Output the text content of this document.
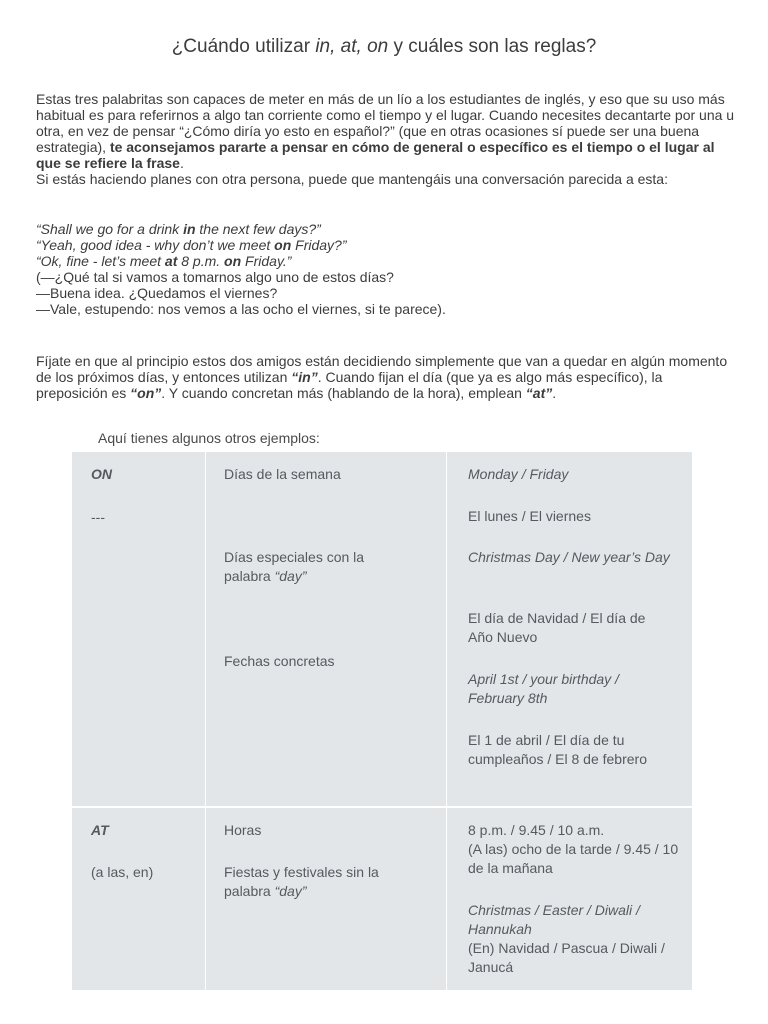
¿Cuándo utilizar in, at, on y cuáles son las reglas?

Estas tres palabritas son capaces de meter en más de un lío a los estudiantes de inglés, y eso que su uso más habitual es para referirnos a algo tan corriente como el tiempo y el lugar. Cuando necesites decantarte por una u otra, en vez de pensar “¿Cómo diría yo esto en español?” (que en otras ocasiones sí puede ser una buena estrategia), te aconsejamos pararte a pensar en cómo de general o específico es el tiempo o el lugar al que se refiere la frase.

Si estás haciendo planes con otra persona, puede que mantengáis una conversación parecida a esta:

“Shall we go for a drink in the next few days?”

“Yeah, good idea - why don’t we meet on Friday?”

“Ok, fine - let’s meet at 8 p.m. on Friday.”

(—¿Qué tal si vamos a tomarnos algo uno de estos días?

—Buena idea. ¿Quedamos el viernes?

—Vale, estupendo: nos vemos a las ocho el viernes, si te parece).

Fíjate en que al principio estos dos amigos están decidiendo simplemente que van a quedar en algún momento de los próximos días, y entonces utilizan “in”. Cuando fijan el día (que ya es algo más específico), la preposición es “on”. Y cuando concretan más (hablando de la hora), emplean “at”.

Aquí tienes algunos otros ejemplos:
ON
---
Días de la semana
Días especiales con la palabra “day”
Fechas concretas
Monday / Friday
El lunes / El viernes
Christmas Day / New year’s Day
El día de Navidad / El día de Año Nuevo
April 1st / your birthday / February 8th
El 1 de abril / El día de tu cumpleaños / El 8 de febrero
AT
(a las, en)
Horas
Fiestas y festivales sin la palabra “day”
8 p.m. / 9.45 / 10 a.m.
(A las) ocho de la tarde / 9.45 / 10 de la mañana
Christmas / Easter / Diwali / Hannukah
(En) Navidad / Pascua / Diwali / Janucá
